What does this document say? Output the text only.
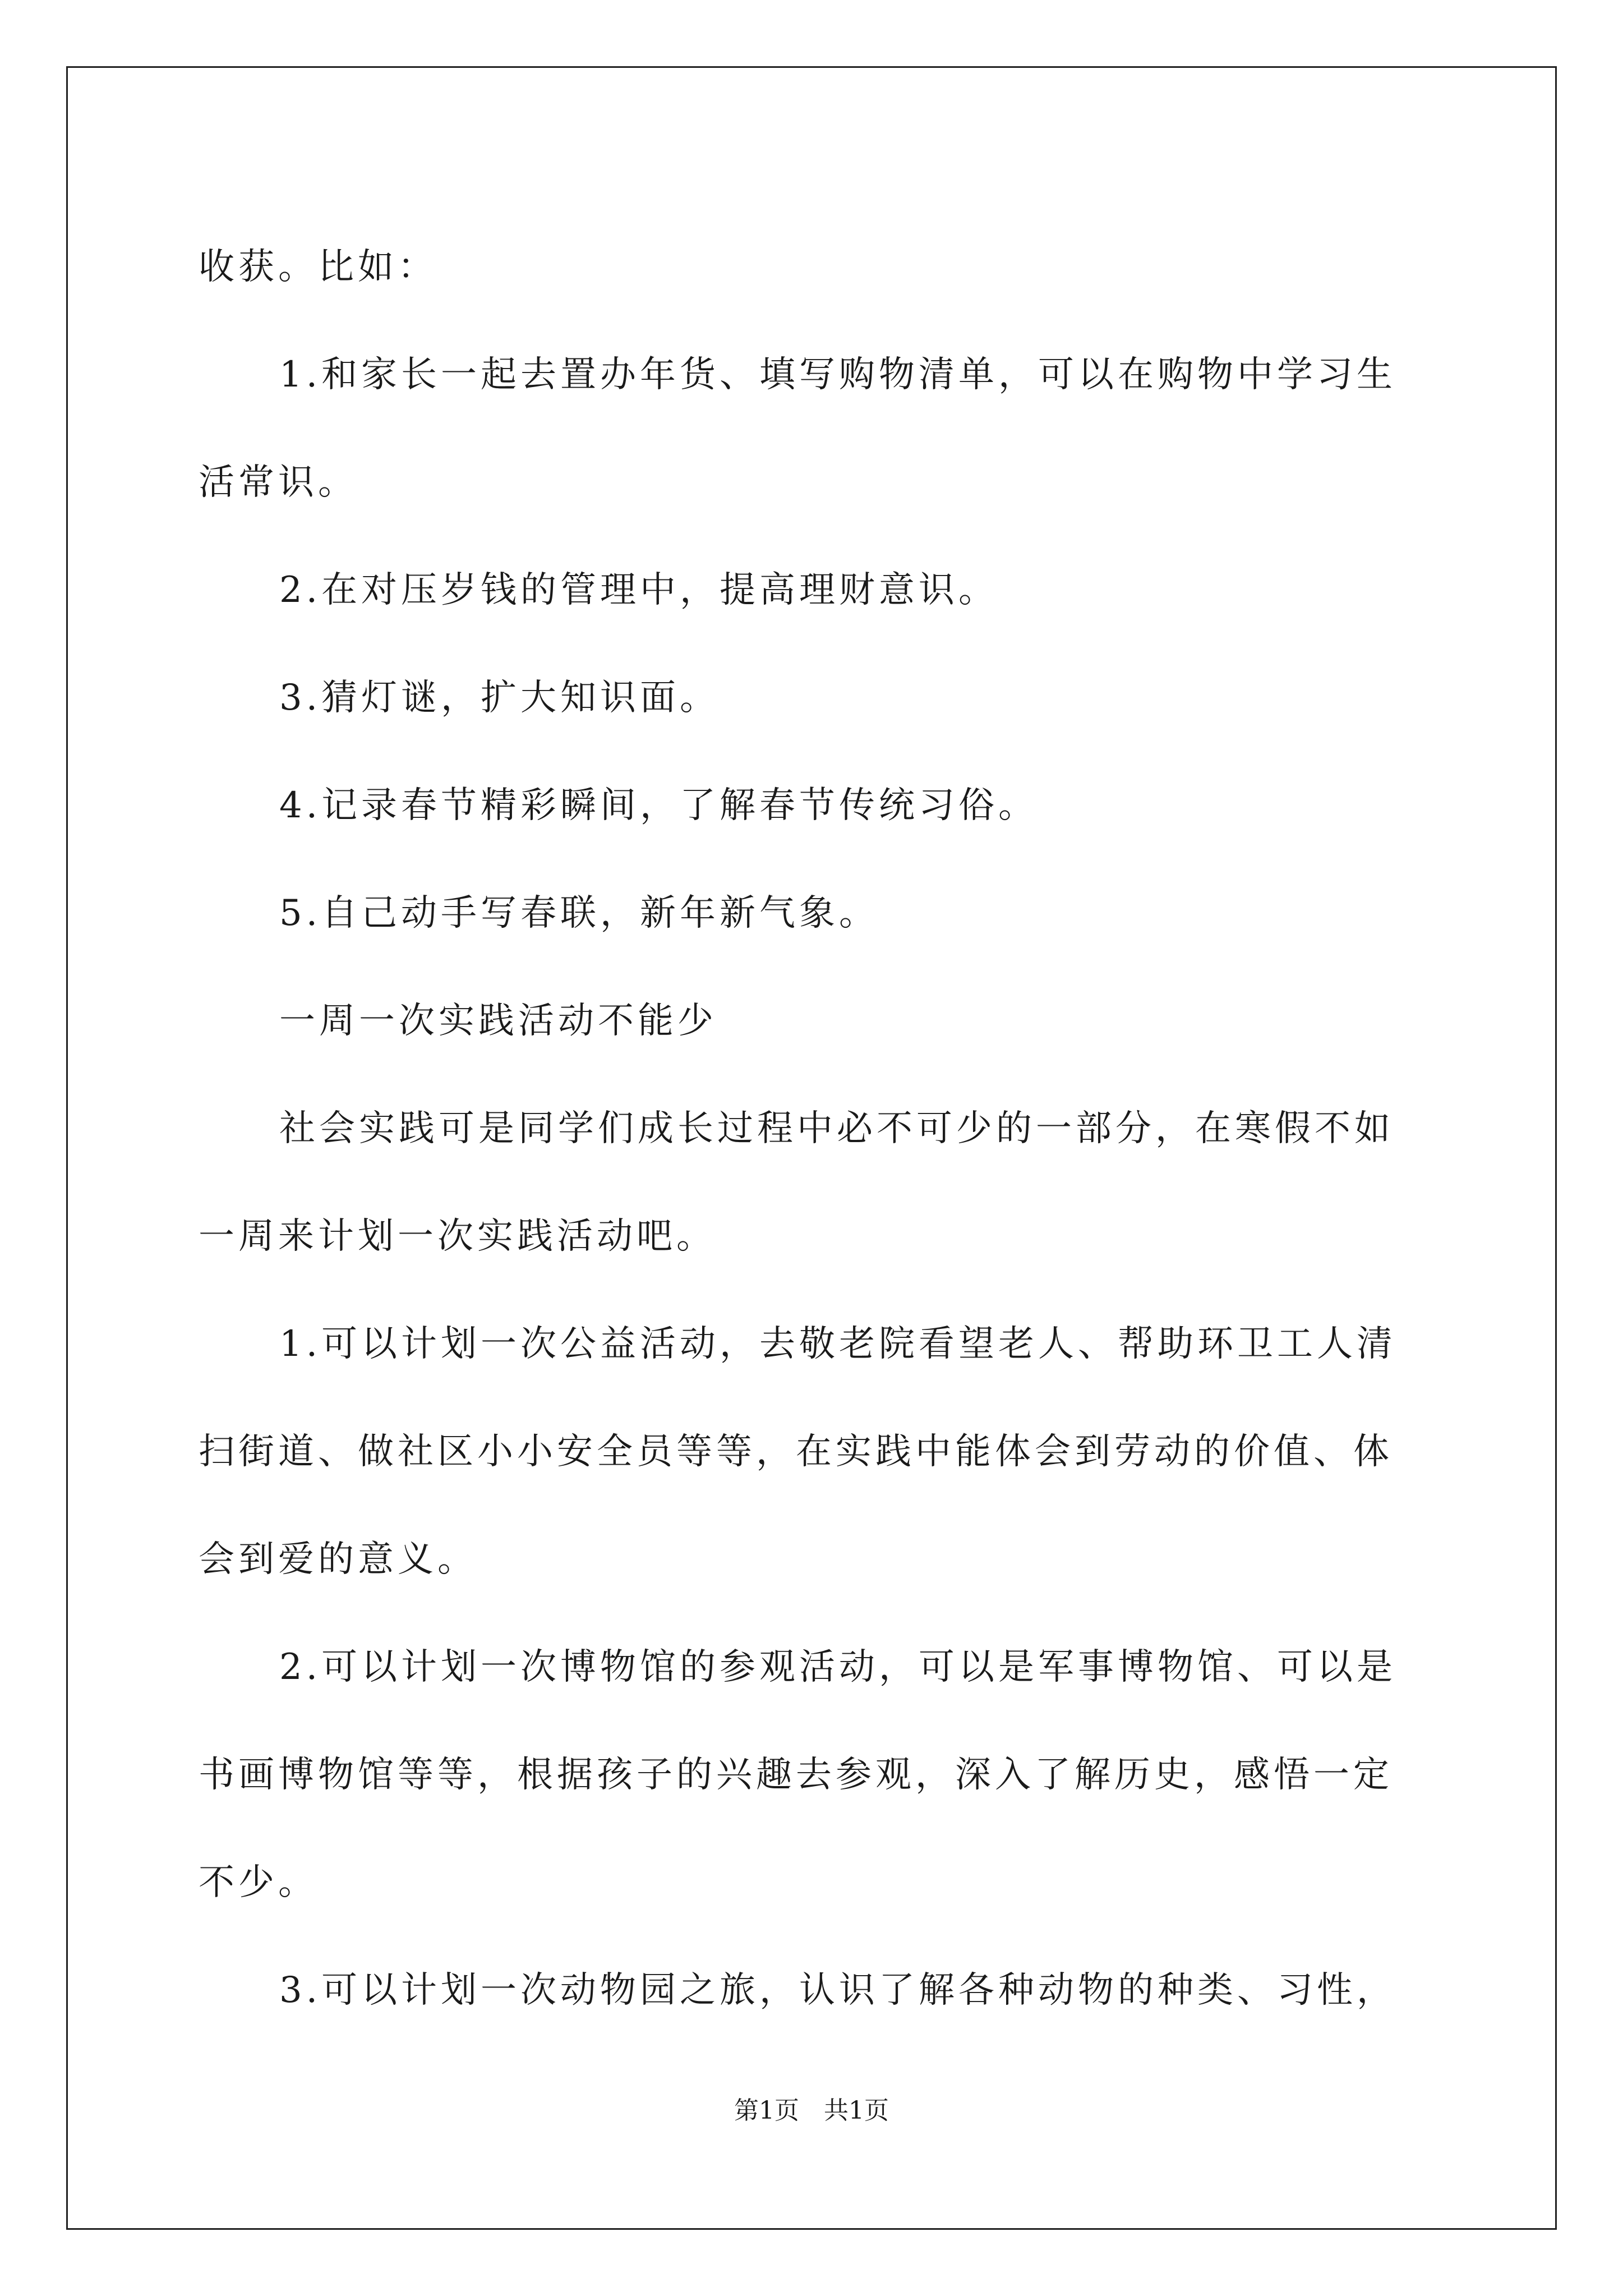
收获。比如：

1.和家长一起去置办年货、填写购物清单，可以在购物中学习生活常识。

2.在对压岁钱的管理中，提高理财意识。

3.猜灯谜，扩大知识面。

4.记录春节精彩瞬间，了解春节传统习俗。

5.自己动手写春联，新年新气象。

一周一次实践活动不能少

社会实践可是同学们成长过程中必不可少的一部分，在寒假不如一周来计划一次实践活动吧。

1.可以计划一次公益活动，去敬老院看望老人、帮助环卫工人清扫街道、做社区小小安全员等等，在实践中能体会到劳动的价值、体会到爱的意义。

2.可以计划一次博物馆的参观活动，可以是军事博物馆、可以是书画博物馆等等，根据孩子的兴趣去参观，深入了解历史，感悟一定不少。

3.可以计划一次动物园之旅，认识了解各种动物的种类、习性，

第1页 共1页
